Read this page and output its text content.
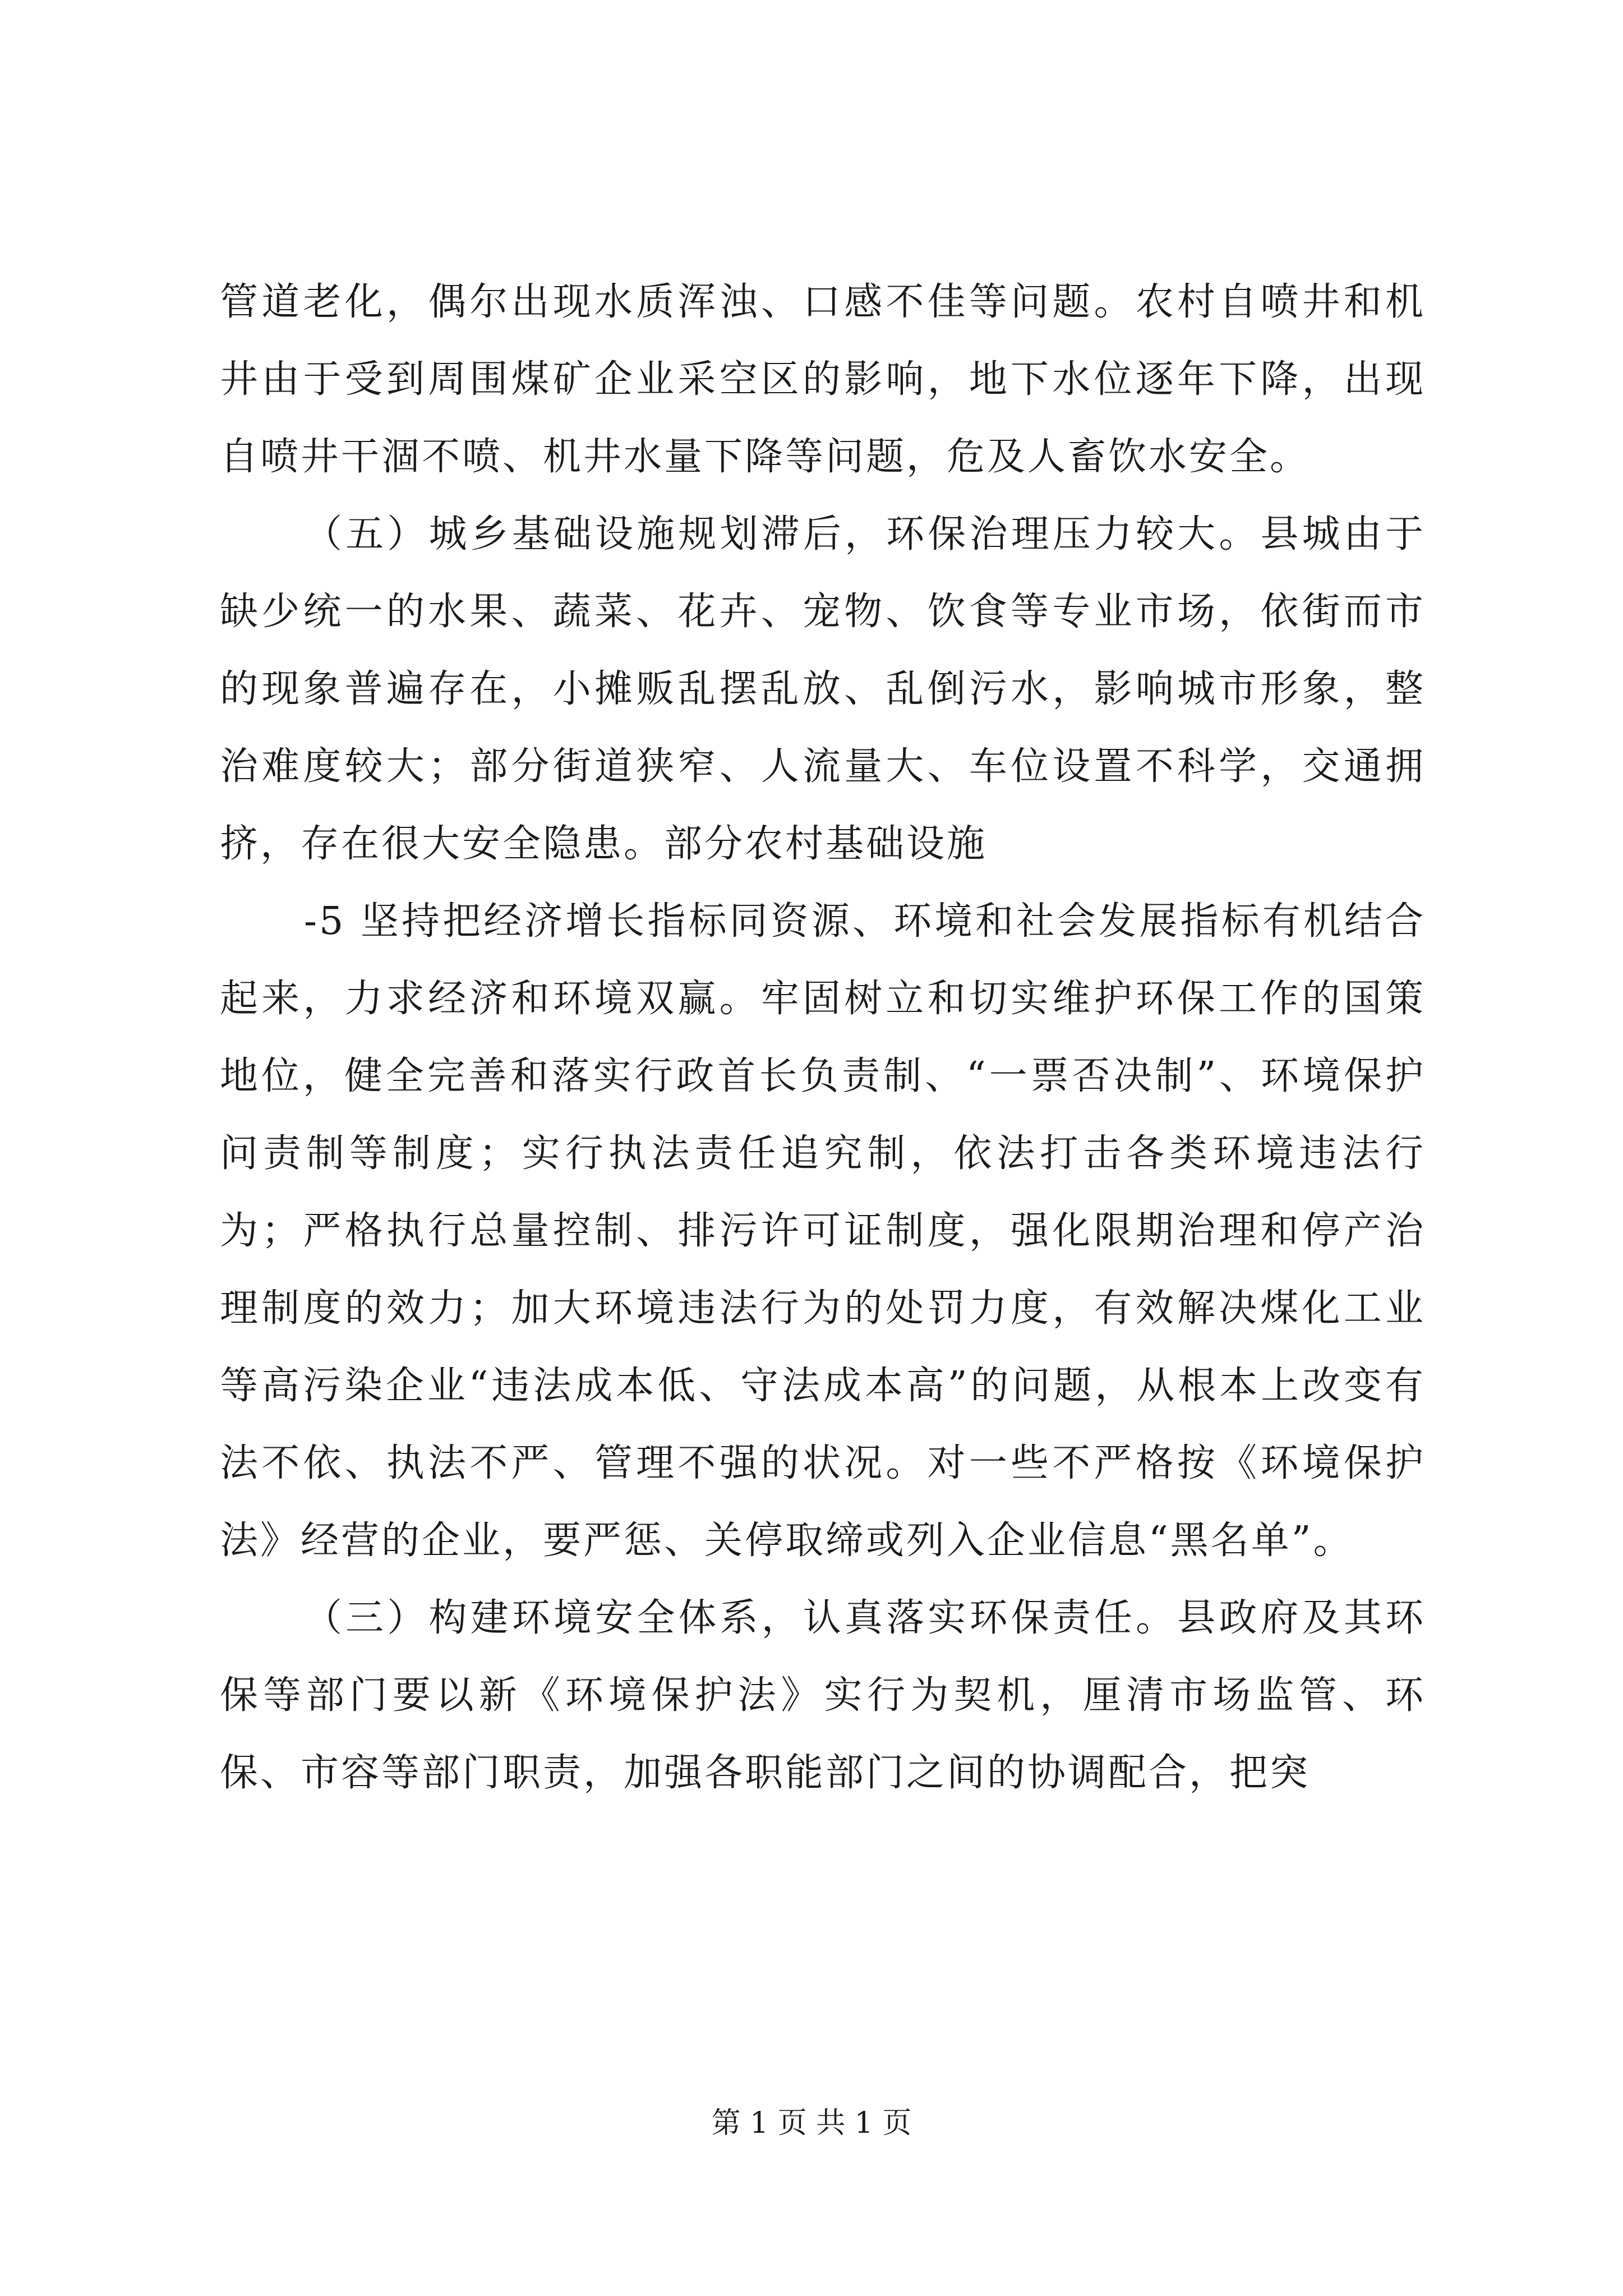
管道老化，偶尔出现水质浑浊、口感不佳等问题。农村自喷井和机井由于受到周围煤矿企业采空区的影响，地下水位逐年下降，出现自喷井干涸不喷、机井水量下降等问题，危及人畜饮水安全。

（五）城乡基础设施规划滞后，环保治理压力较大。县城由于缺少统一的水果、蔬菜、花卉、宠物、饮食等专业市场，依街而市的现象普遍存在，小摊贩乱摆乱放、乱倒污水，影响城市形象，整治难度较大；部分街道狭窄、人流量大、车位设置不科学，交通拥挤，存在很大安全隐患。部分农村基础设施

-5 坚持把经济增长指标同资源、环境和社会发展指标有机结合起来，力求经济和环境双赢。牢固树立和切实维护环保工作的国策地位，健全完善和落实行政首长负责制、“一票否决制”、环境保护问责制等制度；实行执法责任追究制，依法打击各类环境违法行为；严格执行总量控制、排污许可证制度，强化限期治理和停产治理制度的效力；加大环境违法行为的处罚力度，有效解决煤化工业等高污染企业“违法成本低、守法成本高”的问题，从根本上改变有法不依、执法不严、管理不强的状况。对一些不严格按《环境保护法》经营的企业，要严惩、关停取缔或列入企业信息“黑名单”。

（三）构建环境安全体系，认真落实环保责任。县政府及其环保等部门要以新《环境保护法》实行为契机，厘清市场监管、环保、市容等部门职责，加强各职能部门之间的协调配合，把突

第 1 页 共 1 页
